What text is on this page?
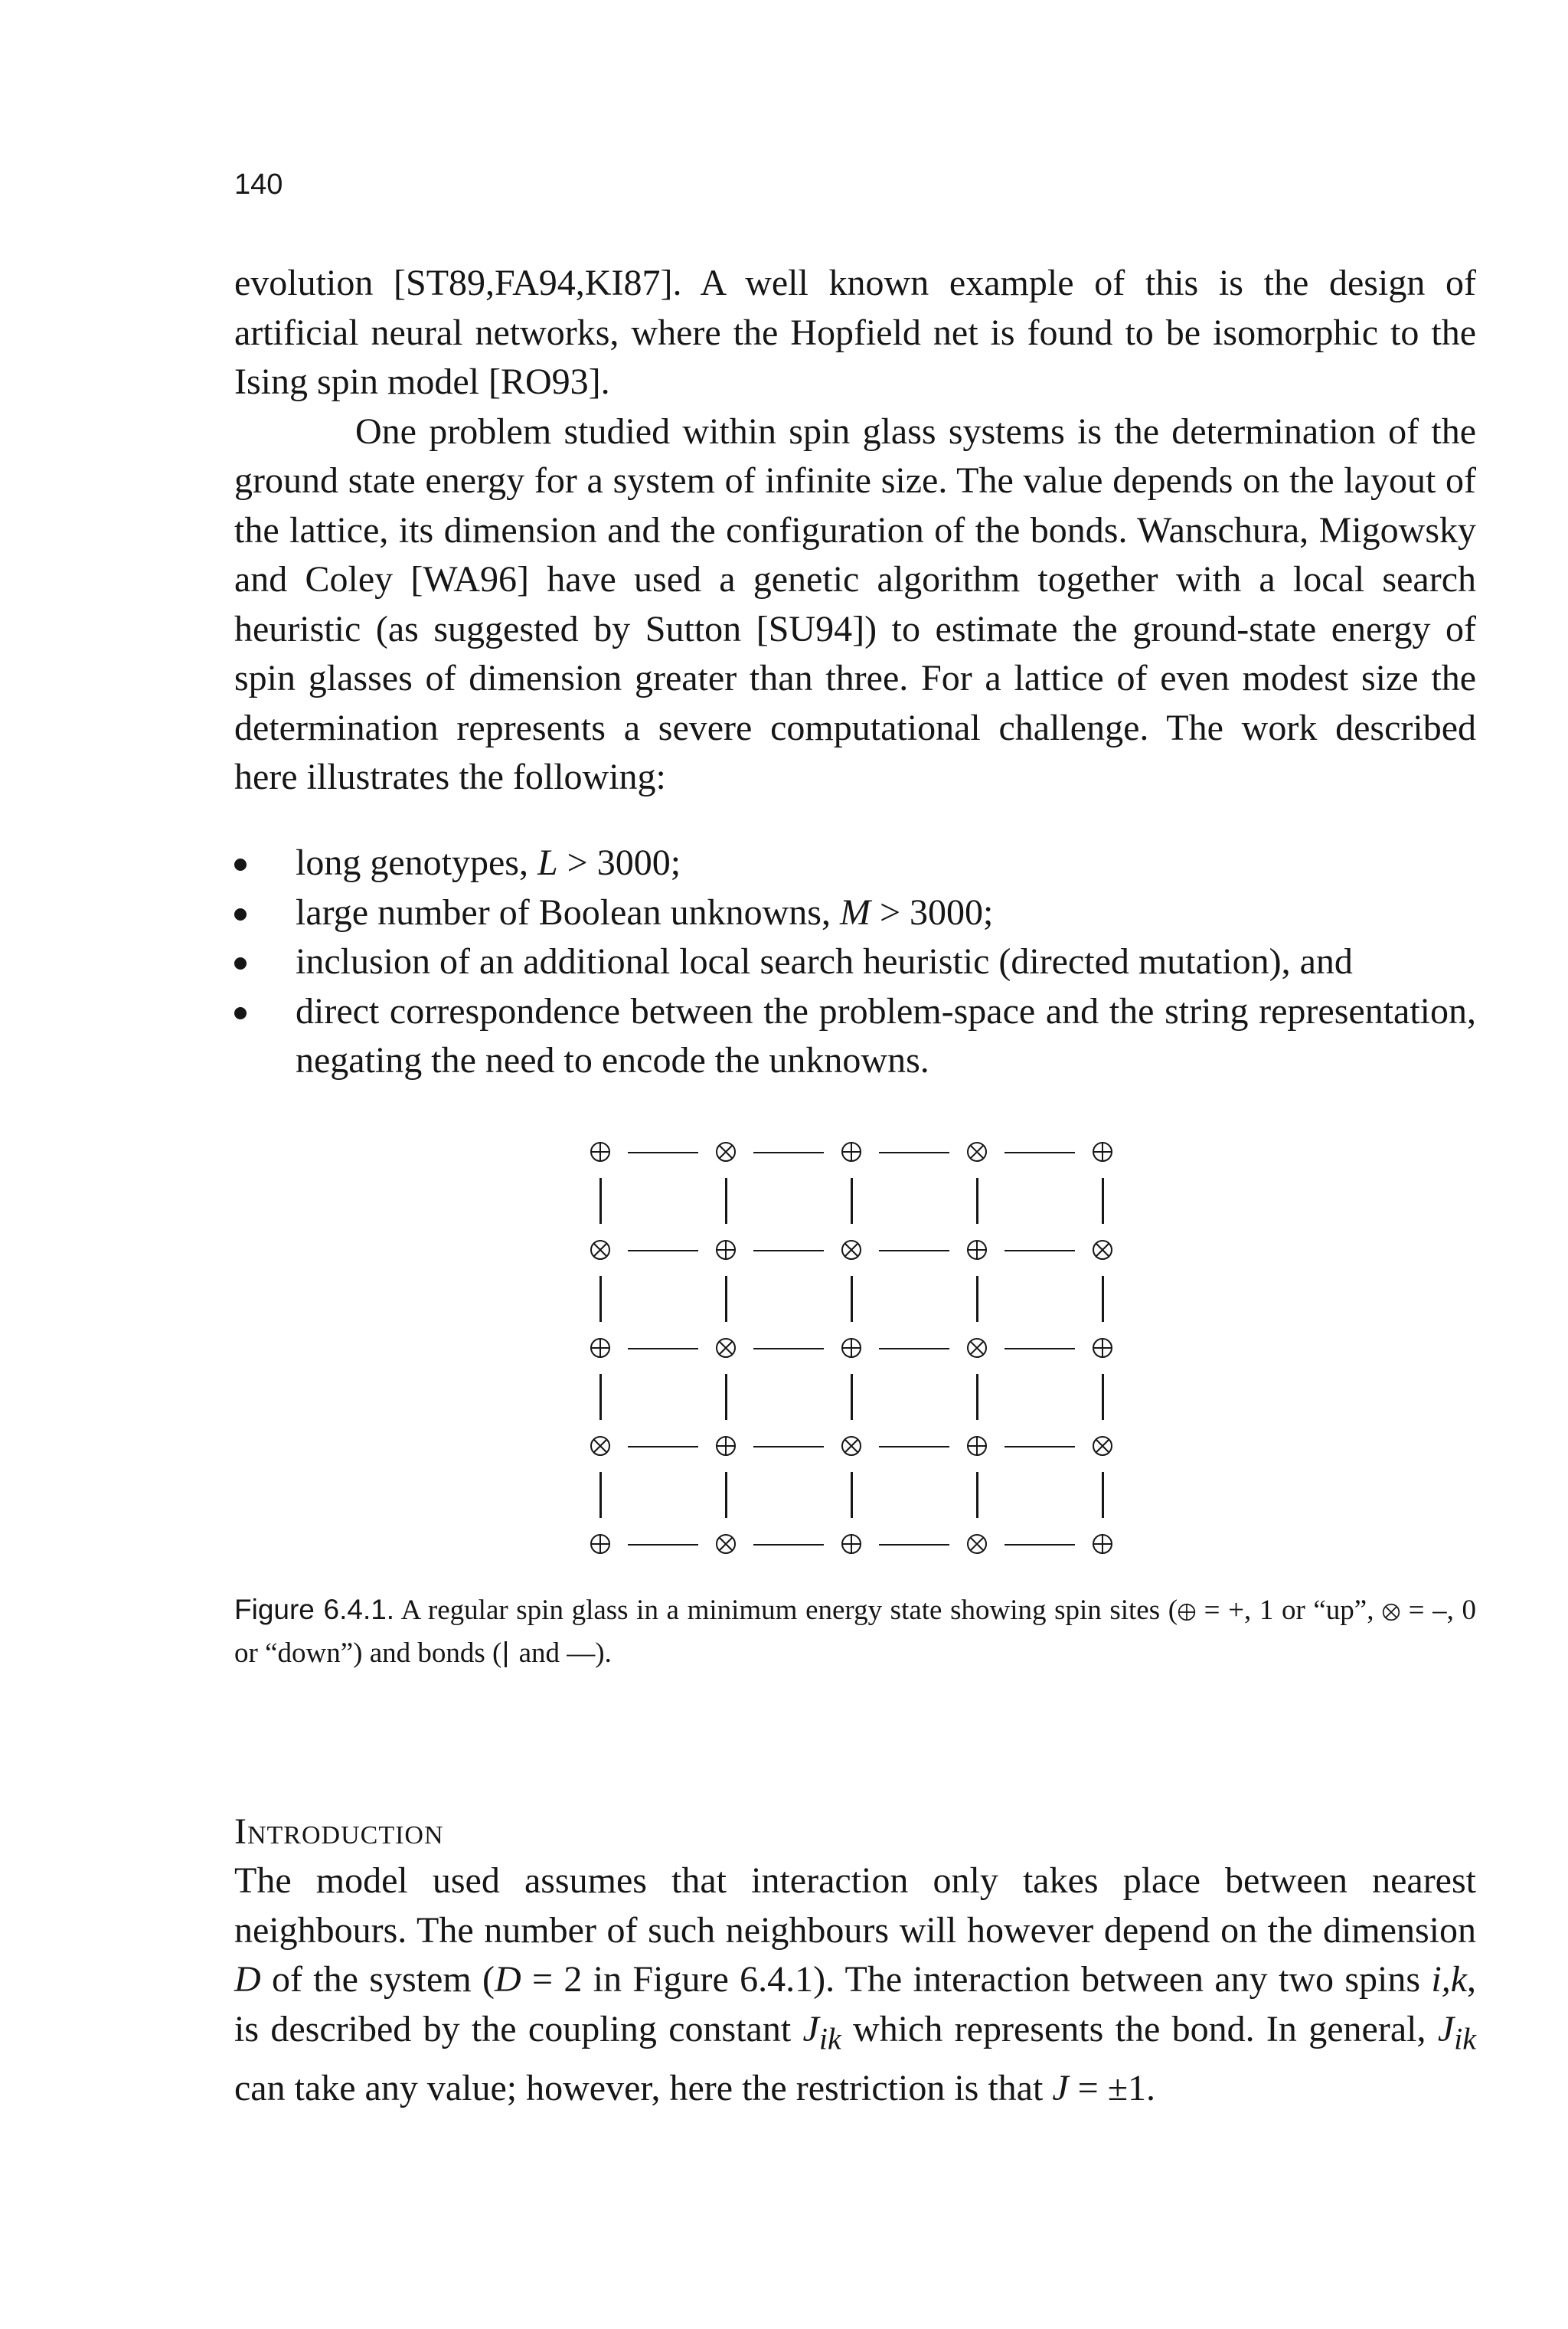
140

evolution [ST89,FA94,KI87]. A well known example of this is the design of artificial neural networks, where the Hopfield net is found to be isomorphic to the Ising spin model [RO93].

One problem studied within spin glass systems is the determination of the ground state energy for a system of infinite size. The value depends on the layout of the lattice, its dimension and the configuration of the bonds. Wanschura, Migowsky and Coley [WA96] have used a genetic algorithm together with a local search heuristic (as suggested by Sutton [SU94]) to estimate the ground-state energy of spin glasses of dimension greater than three. For a lattice of even modest size the determination represents a severe computational challenge. The work described here illustrates the following:

long genotypes, L > 3000;
large number of Boolean unknowns, M > 3000;
inclusion of an additional local search heuristic (directed mutation), and
direct correspondence between the problem-space and the string representation, negating the need to encode the unknowns.

Figure 6.4.1. A regular spin glass in a minimum energy state showing spin sites ( = +, 1 or “up”,  = –, 0 or “down”) and bonds ( and —).

Introduction

The model used assumes that interaction only takes place between nearest neighbours. The number of such neighbours will however depend on the dimension D of the system (D = 2 in Figure 6.4.1). The interaction between any two spins i,k, is described by the coupling constant $J_{ik}$ which represents the bond. In general, $J_{ik}$ can take any value; however, here the restriction is that J = ±1.
